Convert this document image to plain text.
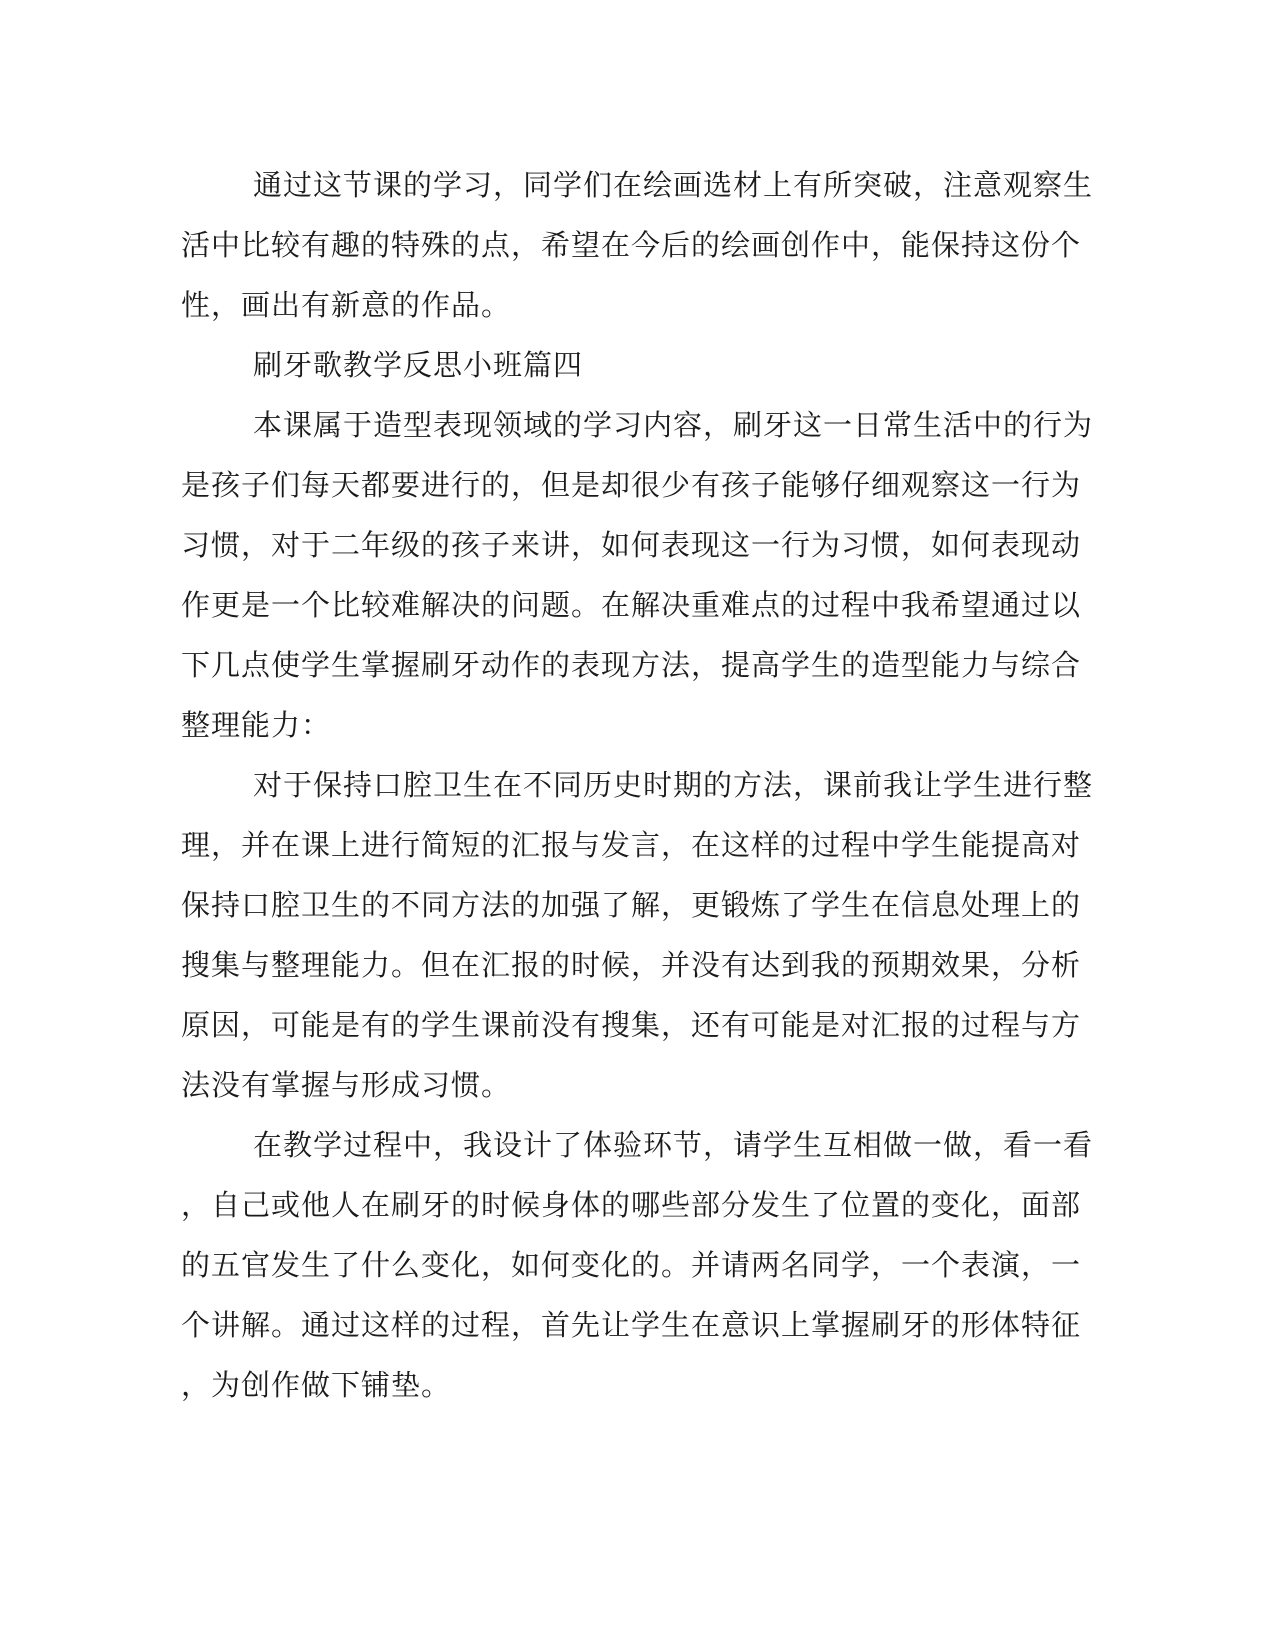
通过这节课的学习，同学们在绘画选材上有所突破，注意观察生
活中比较有趣的特殊的点，希望在今后的绘画创作中，能保持这份个
性，画出有新意的作品。
刷牙歌教学反思小班篇四
本课属于造型表现领域的学习内容，刷牙这一日常生活中的行为
是孩子们每天都要进行的，但是却很少有孩子能够仔细观察这一行为
习惯，对于二年级的孩子来讲，如何表现这一行为习惯，如何表现动
作更是一个比较难解决的问题。在解决重难点的过程中我希望通过以
下几点使学生掌握刷牙动作的表现方法，提高学生的造型能力与综合
整理能力：
对于保持口腔卫生在不同历史时期的方法，课前我让学生进行整
理，并在课上进行简短的汇报与发言，在这样的过程中学生能提高对
保持口腔卫生的不同方法的加强了解，更锻炼了学生在信息处理上的
搜集与整理能力。但在汇报的时候，并没有达到我的预期效果，分析
原因，可能是有的学生课前没有搜集，还有可能是对汇报的过程与方
法没有掌握与形成习惯。
在教学过程中，我设计了体验环节，请学生互相做一做，看一看
，自己或他人在刷牙的时候身体的哪些部分发生了位置的变化，面部
的五官发生了什么变化，如何变化的。并请两名同学，一个表演，一
个讲解。通过这样的过程，首先让学生在意识上掌握刷牙的形体特征
，为创作做下铺垫。
